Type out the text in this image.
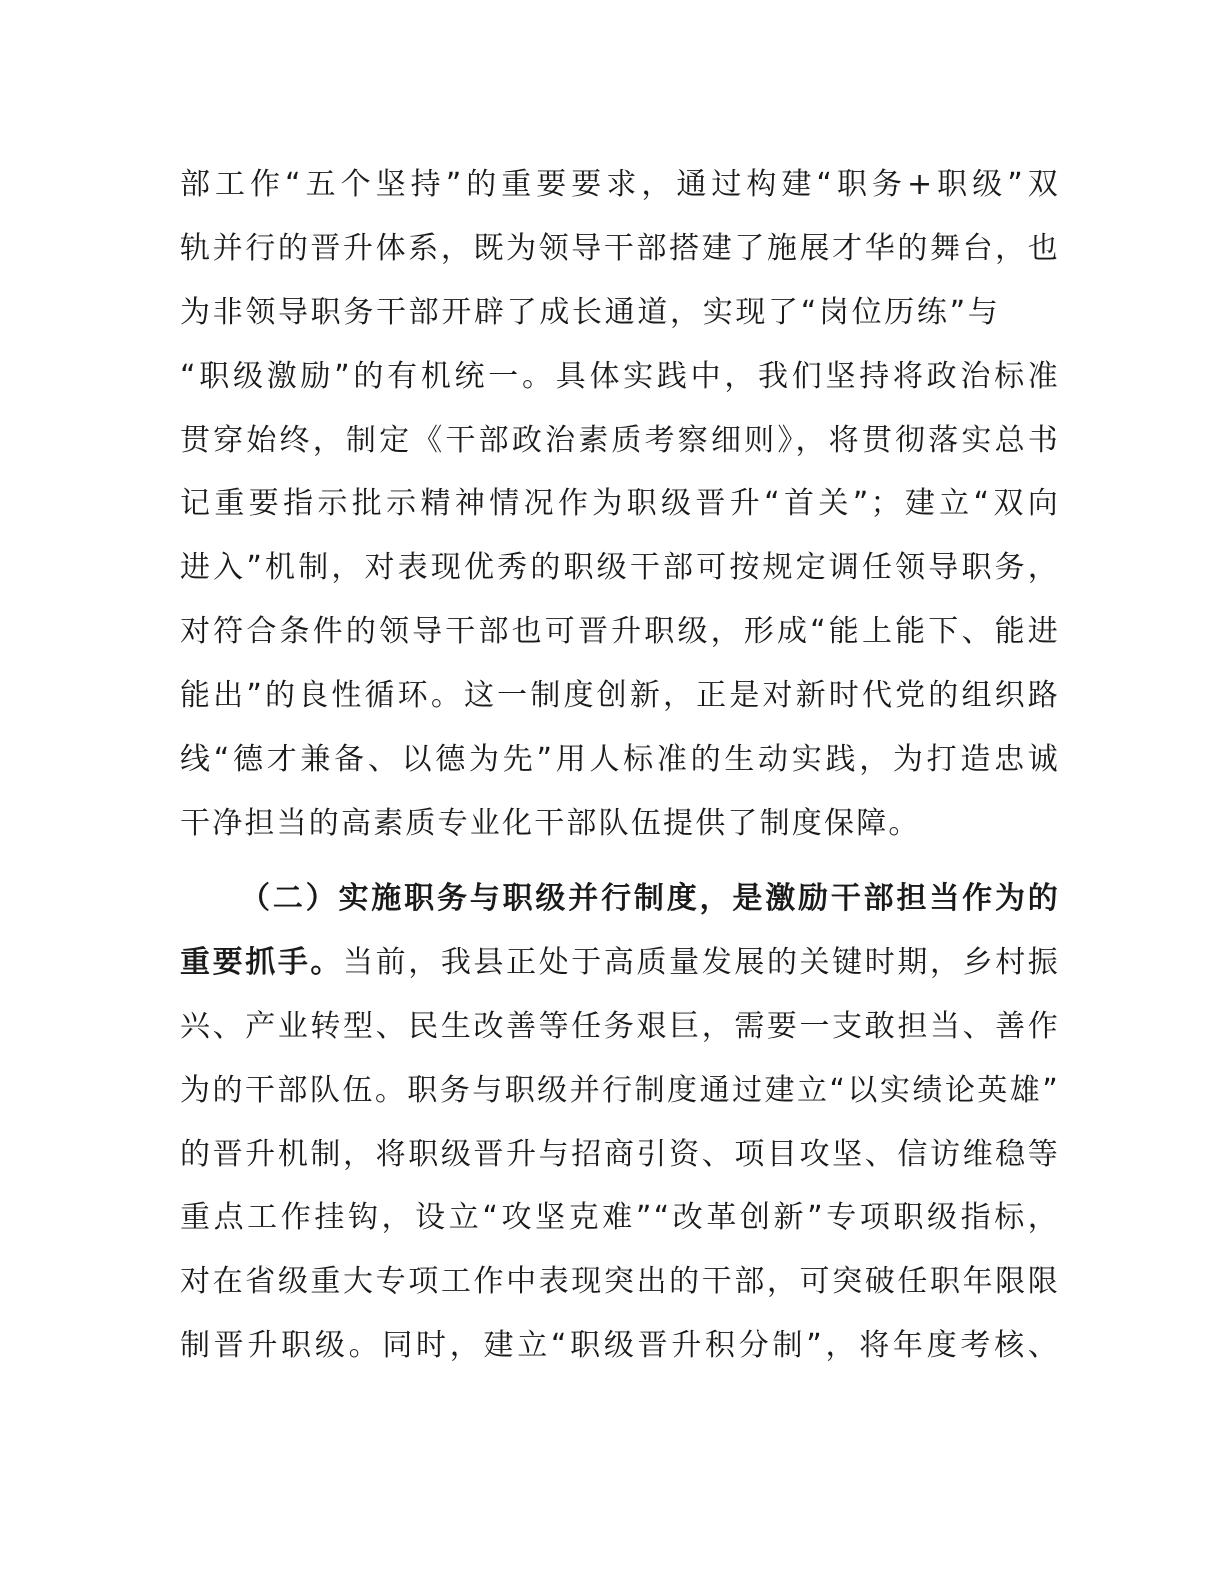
部工作“五个坚持”的重要要求，通过构建“职务+职级”双
轨并行的晋升体系，既为领导干部搭建了施展才华的舞台，也
为非领导职务干部开辟了成长通道，实现了“岗位历练”与
“职级激励”的有机统一。具体实践中，我们坚持将政治标准
贯穿始终，制定《干部政治素质考察细则》，将贯彻落实总书
记重要指示批示精神情况作为职级晋升“首关”；建立“双向
进入”机制，对表现优秀的职级干部可按规定调任领导职务，
对符合条件的领导干部也可晋升职级，形成“能上能下、能进
能出”的良性循环。这一制度创新，正是对新时代党的组织路
线“德才兼备、以德为先”用人标准的生动实践，为打造忠诚
干净担当的高素质专业化干部队伍提供了制度保障。
（二）实施职务与职级并行制度，是激励干部担当作为的
重要抓手。当前，我县正处于高质量发展的关键时期，乡村振
兴、产业转型、民生改善等任务艰巨，需要一支敢担当、善作
为的干部队伍。职务与职级并行制度通过建立“以实绩论英雄”
的晋升机制，将职级晋升与招商引资、项目攻坚、信访维稳等
重点工作挂钩，设立“攻坚克难”“改革创新”专项职级指标，
对在省级重大专项工作中表现突出的干部，可突破任职年限限
制晋升职级。同时，建立“职级晋升积分制”，将年度考核、
